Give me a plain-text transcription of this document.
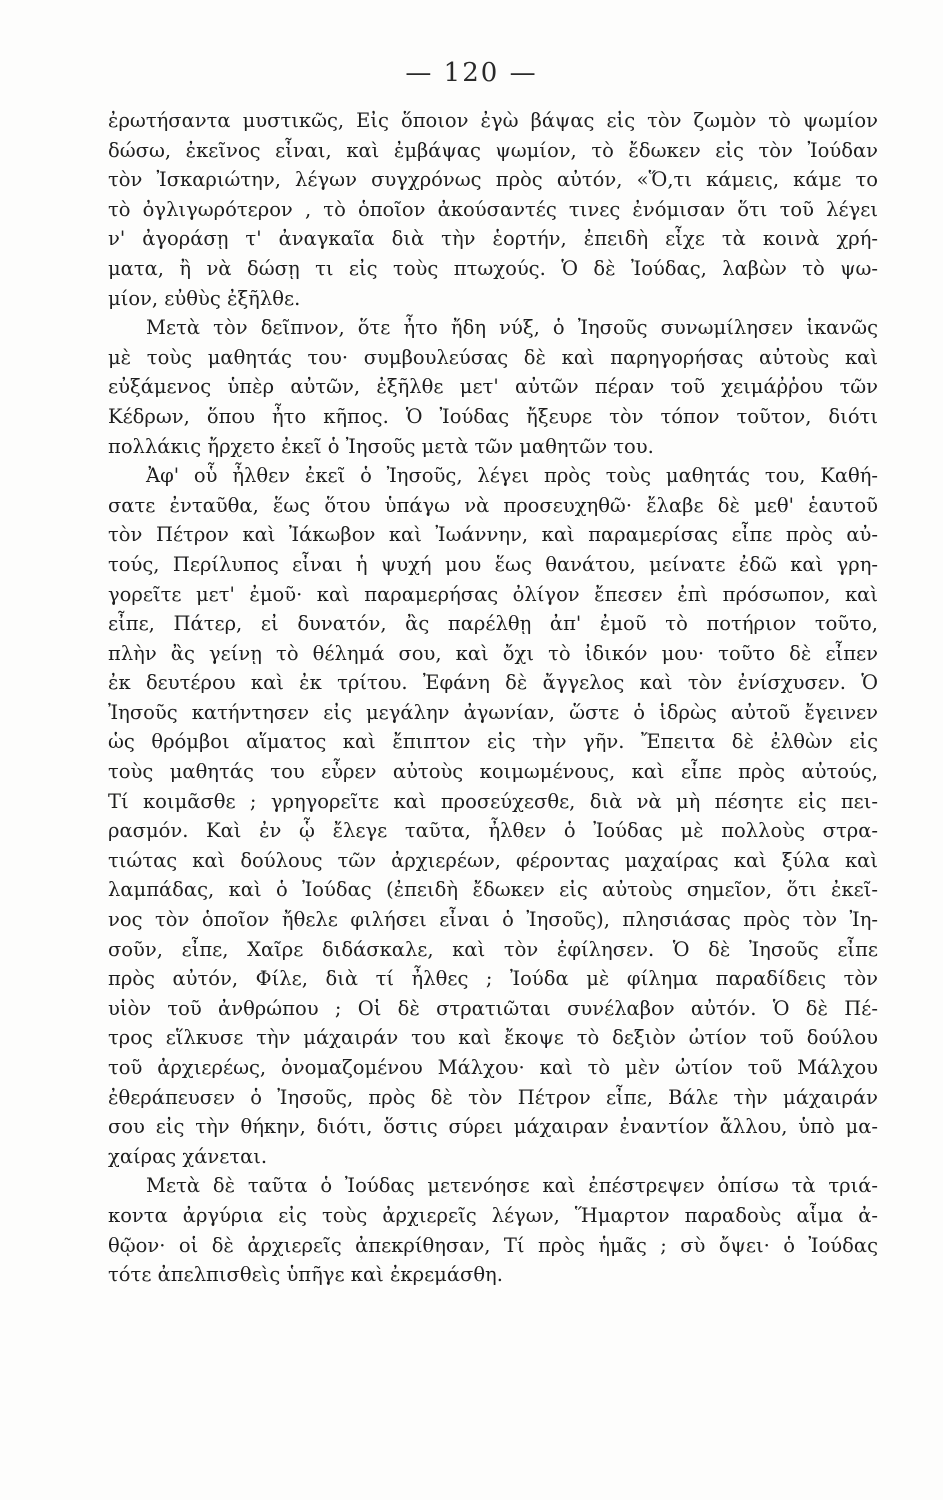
— 120 —
ἐρωτήσαντα μυστικῶς, Εἰς ὅποιον ἐγὼ βάψας εἰς τὸν ζωμὸν τὸ ψωμίον
δώσω, ἐκεῖνος εἶναι, καὶ ἐμβάψας ψωμίον, τὸ ἔδωκεν εἰς τὸν Ἰούδαν
τὸν Ἰσκαριώτην, λέγων συγχρόνως πρὸς αὐτόν, «Ὅ,τι κάμεις, κάμε το
τὸ ὀγλιγωρότερον , τὸ ὁποῖον ἀκούσαντές τινες ἐνόμισαν ὅτι τοῦ λέγει
ν' ἀγοράσῃ τ' ἀναγκαῖα διὰ τὴν ἑορτήν, ἐπειδὴ εἶχε τὰ κοινὰ χρή-
ματα, ἢ νὰ δώσῃ τι εἰς τοὺς πτωχούς. Ὁ δὲ Ἰούδας, λαβὼν τὸ ψω-
μίον, εὐθὺς ἐξῆλθε.
Μετὰ τὸν δεῖπνον, ὅτε ἦτο ἤδη νύξ, ὁ Ἰησοῦς συνωμίλησεν ἱκανῶς
μὲ τοὺς μαθητάς του· συμβουλεύσας δὲ καὶ παρηγορήσας αὐτοὺς καὶ
εὐξάμενος ὑπὲρ αὐτῶν, ἐξῆλθε μετ' αὐτῶν πέραν τοῦ χειμάῤῥου τῶν
Κέδρων, ὅπου ἦτο κῆπος. Ὁ Ἰούδας ἤξευρε τὸν τόπον τοῦτον, διότι
πολλάκις ἤρχετο ἐκεῖ ὁ Ἰησοῦς μετὰ τῶν μαθητῶν του.
Ἀφ' οὗ ἦλθεν ἐκεῖ ὁ Ἰησοῦς, λέγει πρὸς τοὺς μαθητάς του, Καθή-
σατε ἐνταῦθα, ἕως ὅτου ὑπάγω νὰ προσευχηθῶ· ἔλαβε δὲ μεθ' ἑαυτοῦ
τὸν Πέτρον καὶ Ἰάκωβον καὶ Ἰωάννην, καὶ παραμερίσας εἶπε πρὸς αὐ-
τούς, Περίλυπος εἶναι ἡ ψυχή μου ἕως θανάτου, μείνατε ἐδῶ καὶ γρη-
γορεῖτε μετ' ἐμοῦ· καὶ παραμερήσας ὀλίγον ἔπεσεν ἐπὶ πρόσωπον, καὶ
εἶπε, Πάτερ, εἰ δυνατόν, ἂς παρέλθῃ ἀπ' ἐμοῦ τὸ ποτήριον τοῦτο,
πλὴν ἂς γείνῃ τὸ θέλημά σου, καὶ ὄχι τὸ ἰδικόν μου· τοῦτο δὲ εἶπεν
ἐκ δευτέρου καὶ ἐκ τρίτου. Ἐφάνη δὲ ἄγγελος καὶ τὸν ἐνίσχυσεν. Ὁ
Ἰησοῦς κατήντησεν εἰς μεγάλην ἀγωνίαν, ὥστε ὁ ἱδρὼς αὐτοῦ ἔγεινεν
ὡς θρόμβοι αἵματος καὶ ἔπιπτον εἰς τὴν γῆν. Ἔπειτα δὲ ἐλθὼν εἰς
τοὺς μαθητάς του εὗρεν αὐτοὺς κοιμωμένους, καὶ εἶπε πρὸς αὐτούς,
Τί κοιμᾶσθε ; γρηγορεῖτε καὶ προσεύχεσθε, διὰ νὰ μὴ πέσητε εἰς πει-
ρασμόν. Καὶ ἐν ᾧ ἔλεγε ταῦτα, ἦλθεν ὁ Ἰούδας μὲ πολλοὺς στρα-
τιώτας καὶ δούλους τῶν ἀρχιερέων, φέροντας μαχαίρας καὶ ξύλα καὶ
λαμπάδας, καὶ ὁ Ἰούδας (ἐπειδὴ ἔδωκεν εἰς αὐτοὺς σημεῖον, ὅτι ἐκεῖ-
νος τὸν ὁποῖον ἤθελε φιλήσει εἶναι ὁ Ἰησοῦς), πλησιάσας πρὸς τὸν Ἰη-
σοῦν, εἶπε, Χαῖρε διδάσκαλε, καὶ τὸν ἐφίλησεν. Ὁ δὲ Ἰησοῦς εἶπε
πρὸς αὐτόν, Φίλε, διὰ τί ἦλθες ; Ἰούδα μὲ φίλημα παραδίδεις τὸν
υἱὸν τοῦ ἀνθρώπου ; Οἱ δὲ στρατιῶται συνέλαβον αὐτόν. Ὁ δὲ Πέ-
τρος εἵλκυσε τὴν μάχαιράν του καὶ ἔκοψε τὸ δεξιὸν ὠτίον τοῦ δούλου
τοῦ ἀρχιερέως, ὀνομαζομένου Μάλχου· καὶ τὸ μὲν ὠτίον τοῦ Μάλχου
ἐθεράπευσεν ὁ Ἰησοῦς, πρὸς δὲ τὸν Πέτρον εἶπε, Βάλε τὴν μάχαιράν
σου εἰς τὴν θήκην, διότι, ὅστις σύρει μάχαιραν ἐναντίον ἄλλου, ὑπὸ μα-
χαίρας χάνεται.
Μετὰ δὲ ταῦτα ὁ Ἰούδας μετενόησε καὶ ἐπέστρεψεν ὀπίσω τὰ τριά-
κοντα ἀργύρια εἰς τοὺς ἀρχιερεῖς λέγων, Ἥμαρτον παραδοὺς αἷμα ἀ-
θῷον· οἱ δὲ ἀρχιερεῖς ἀπεκρίθησαν, Τί πρὸς ἡμᾶς ; σὺ ὄψει· ὁ Ἰούδας
τότε ἀπελπισθεὶς ὑπῆγε καὶ ἐκρεμάσθη.
